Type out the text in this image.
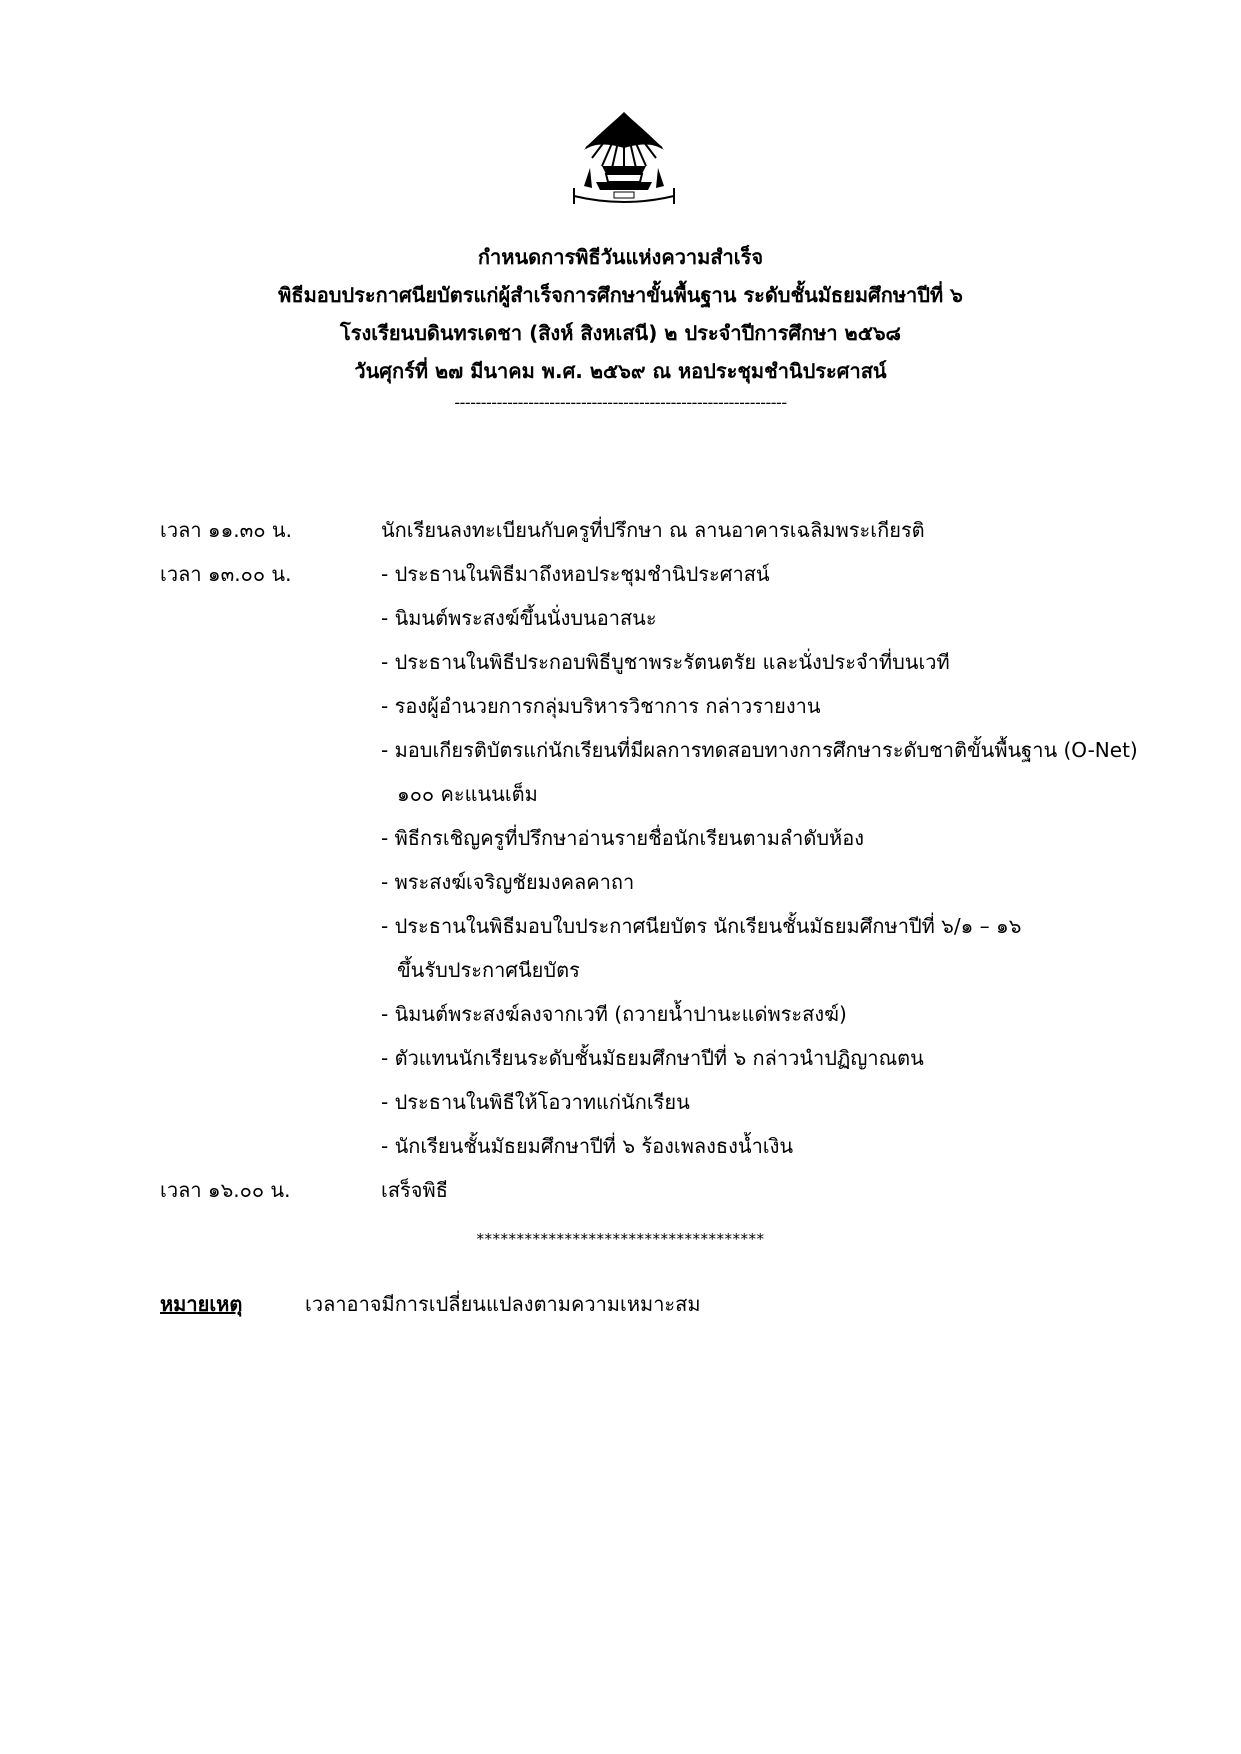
กำหนดการพิธีวันแห่งความสำเร็จ
พิธีมอบประกาศนียบัตรแก่ผู้สำเร็จการศึกษาขั้นพื้นฐาน ระดับชั้นมัธยมศึกษาปีที่ ๖
โรงเรียนบดินทรเดชา (สิงห์ สิงหเสนี) ๒ ประจำปีการศึกษา ๒๕๖๘
วันศุกร์ที่ ๒๗ มีนาคม พ.ศ. ๒๕๖๙ ณ หอประชุมชำนิประศาสน์
---------------------------------------------------------------
เวลา ๑๑.๓๐ น.	นักเรียนลงทะเบียนกับครูที่ปรึกษา ณ ลานอาคารเฉลิมพระเกียรติ
เวลา ๑๓.๐๐ น.	- ประธานในพิธีมาถึงหอประชุมชำนิประศาสน์
- นิมนต์พระสงฆ์ขึ้นนั่งบนอาสนะ
- ประธานในพิธีประกอบพิธีบูชาพระรัตนตรัย และนั่งประจำที่บนเวที
- รองผู้อำนวยการกลุ่มบริหารวิชาการ กล่าวรายงาน
- มอบเกียรติบัตรแก่นักเรียนที่มีผลการทดสอบทางการศึกษาระดับชาติขั้นพื้นฐาน (O-Net)
๑๐๐ คะแนนเต็ม
- พิธีกรเชิญครูที่ปรึกษาอ่านรายชื่อนักเรียนตามลำดับห้อง
- พระสงฆ์เจริญชัยมงคลคาถา
- ประธานในพิธีมอบใบประกาศนียบัตร นักเรียนชั้นมัธยมศึกษาปีที่ ๖/๑ – ๑๖
ขึ้นรับประกาศนียบัตร
- นิมนต์พระสงฆ์ลงจากเวที (ถวายน้ำปานะแด่พระสงฆ์)
- ตัวแทนนักเรียนระดับชั้นมัธยมศึกษาปีที่ ๖ กล่าวนำปฏิญาณตน
- ประธานในพิธีให้โอวาทแก่นักเรียน
- นักเรียนชั้นมัธยมศึกษาปีที่ ๖ ร้องเพลงธงน้ำเงิน
เวลา ๑๖.๐๐ น.	เสร็จพิธี
************************************
หมายเหตุ	เวลาอาจมีการเปลี่ยนแปลงตามความเหมาะสม
